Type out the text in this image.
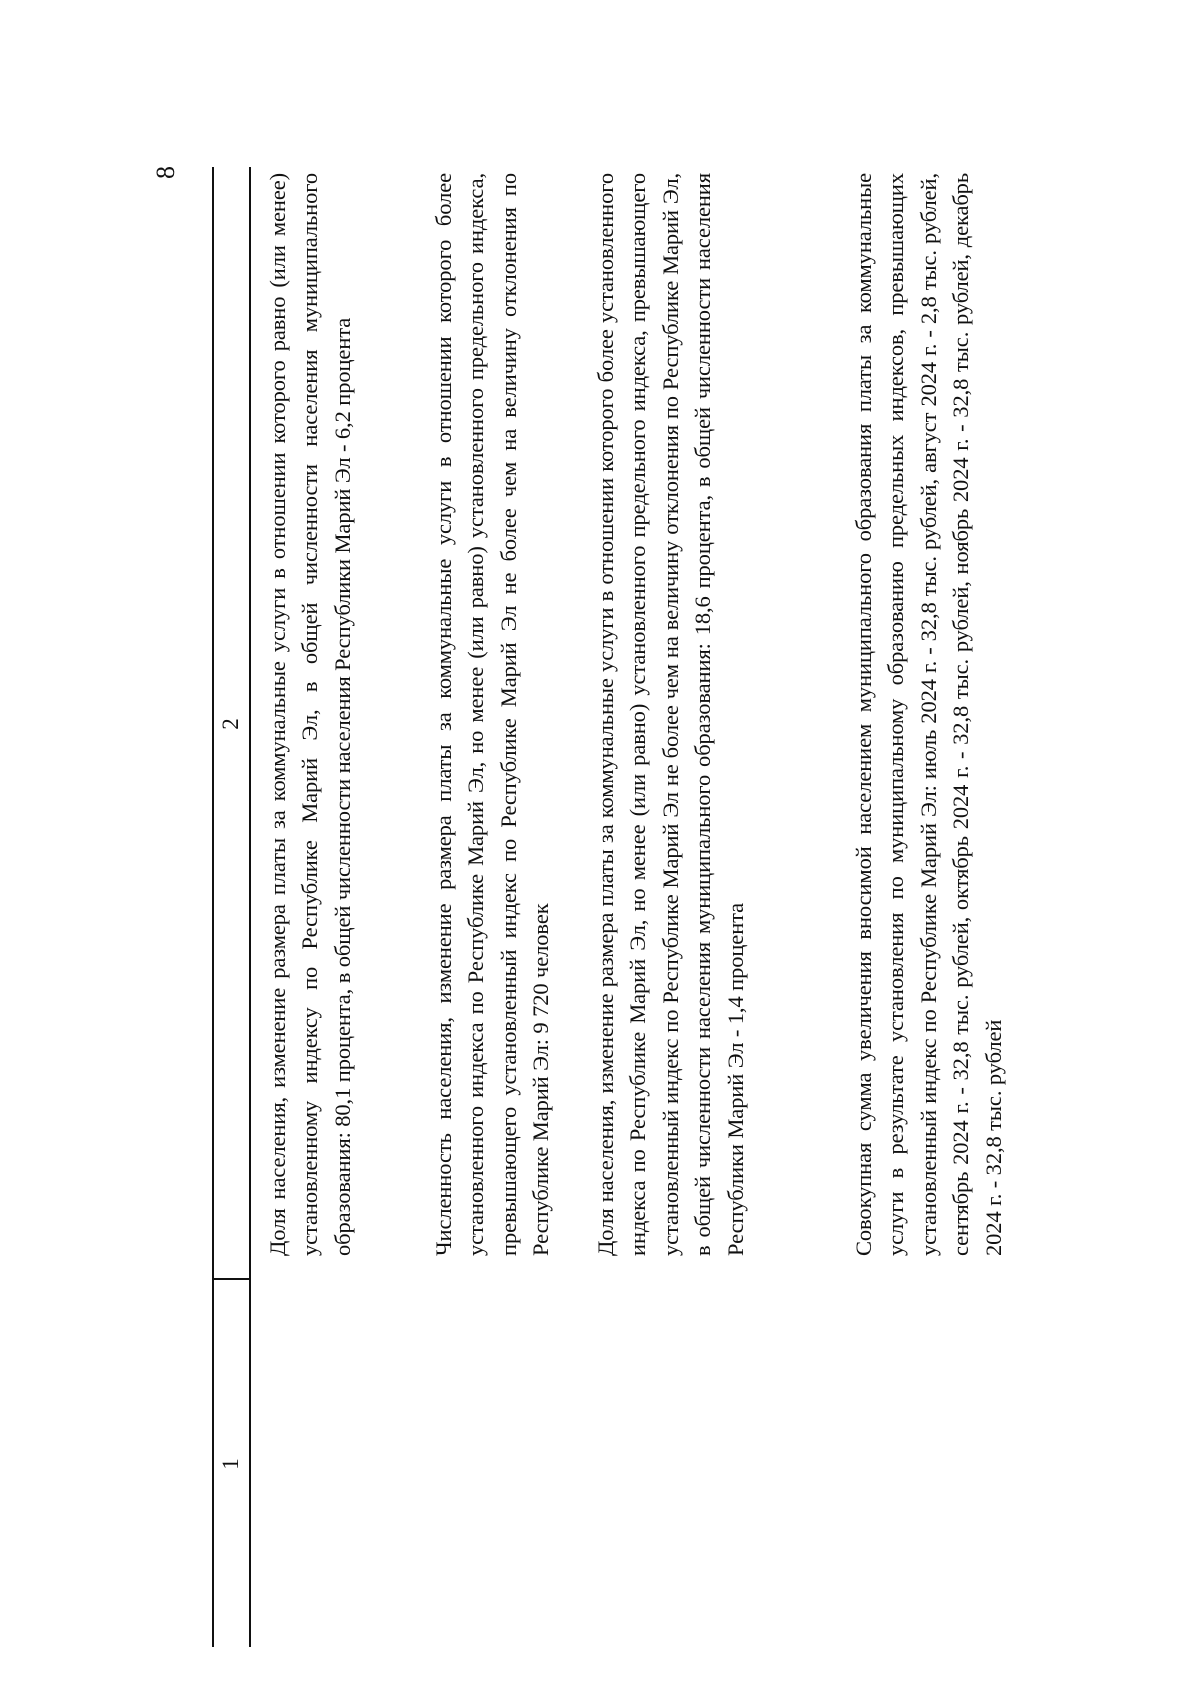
8
1
2 Доля населения, изменение размера платы за коммунальные услуги в отношении которого равно (или менее) установленному индексу по Республике Марий Эл, в общей численности населения муниципального образования: 80,1 процента, в общей численности населения Республики Марий Эл - 6,2 процента	Численность населения, изменение размера платы за коммунальные услуги в отношении которого более установленного индекса по Республике Марий Эл, но менее (или равно) установленного предельного индекса, превышающего установленный индекс по Республике Марий Эл не более чем на величину отклонения по Республике Марий Эл: 9 720 человек Доля населения, изменение размера платы за коммунальные услуги в отношении которого более установленного индекса по Республике Марий Эл, но менее (или равно) установленного предельного индекса, превышающего установленный индекс по Республике Марий Эл не более чем на величину отклонения по Республике Марий Эл, в общей численности населения муниципального образования: 18,6 процента, в общей численности населения Республики Марий Эл - 1,4 процента	Совокупная сумма увеличения вносимой населением муниципального образования платы за коммунальные услуги в результате установления по муниципальному образованию предельных индексов, превышающих установленный индекс по Республике Марий Эл: июль 2024 г. - 32,8 тыс. рублей, август 2024 г. - 2,8 тыс. рублей, сентябрь 2024 г. - 32,8 тыс. рублей, октябрь 2024 г. - 32,8 тыс. рублей, ноябрь 2024 г. - 32,8 тыс. рублей, декабрь 2024 г. - 32,8 тыс. рублей
